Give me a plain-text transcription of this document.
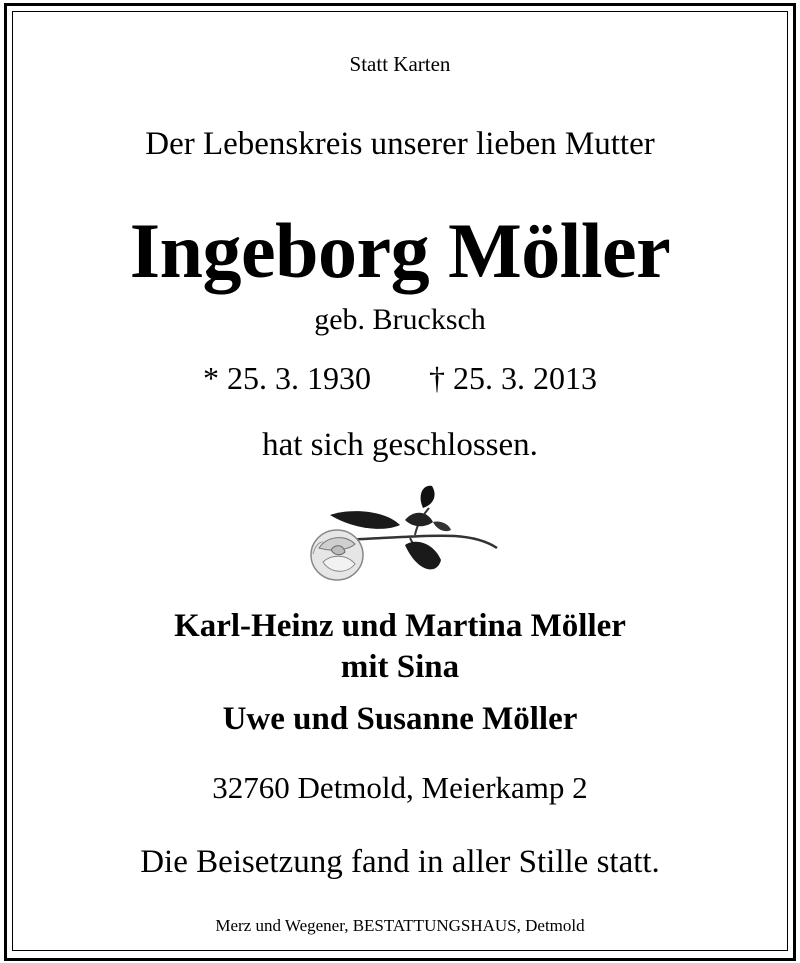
Statt Karten
Der Lebenskreis unserer lieben Mutter
Ingeborg Möller
geb. Brucksch
* 25. 3. 1930 † 25. 3. 2013
hat sich geschlossen.
Karl-Heinz und Martina Möller
mit Sina
Uwe und Susanne Möller
32760 Detmold, Meierkamp 2
Die Beisetzung fand in aller Stille statt.
Merz und Wegener, BESTATTUNGSHAUS, Detmold
